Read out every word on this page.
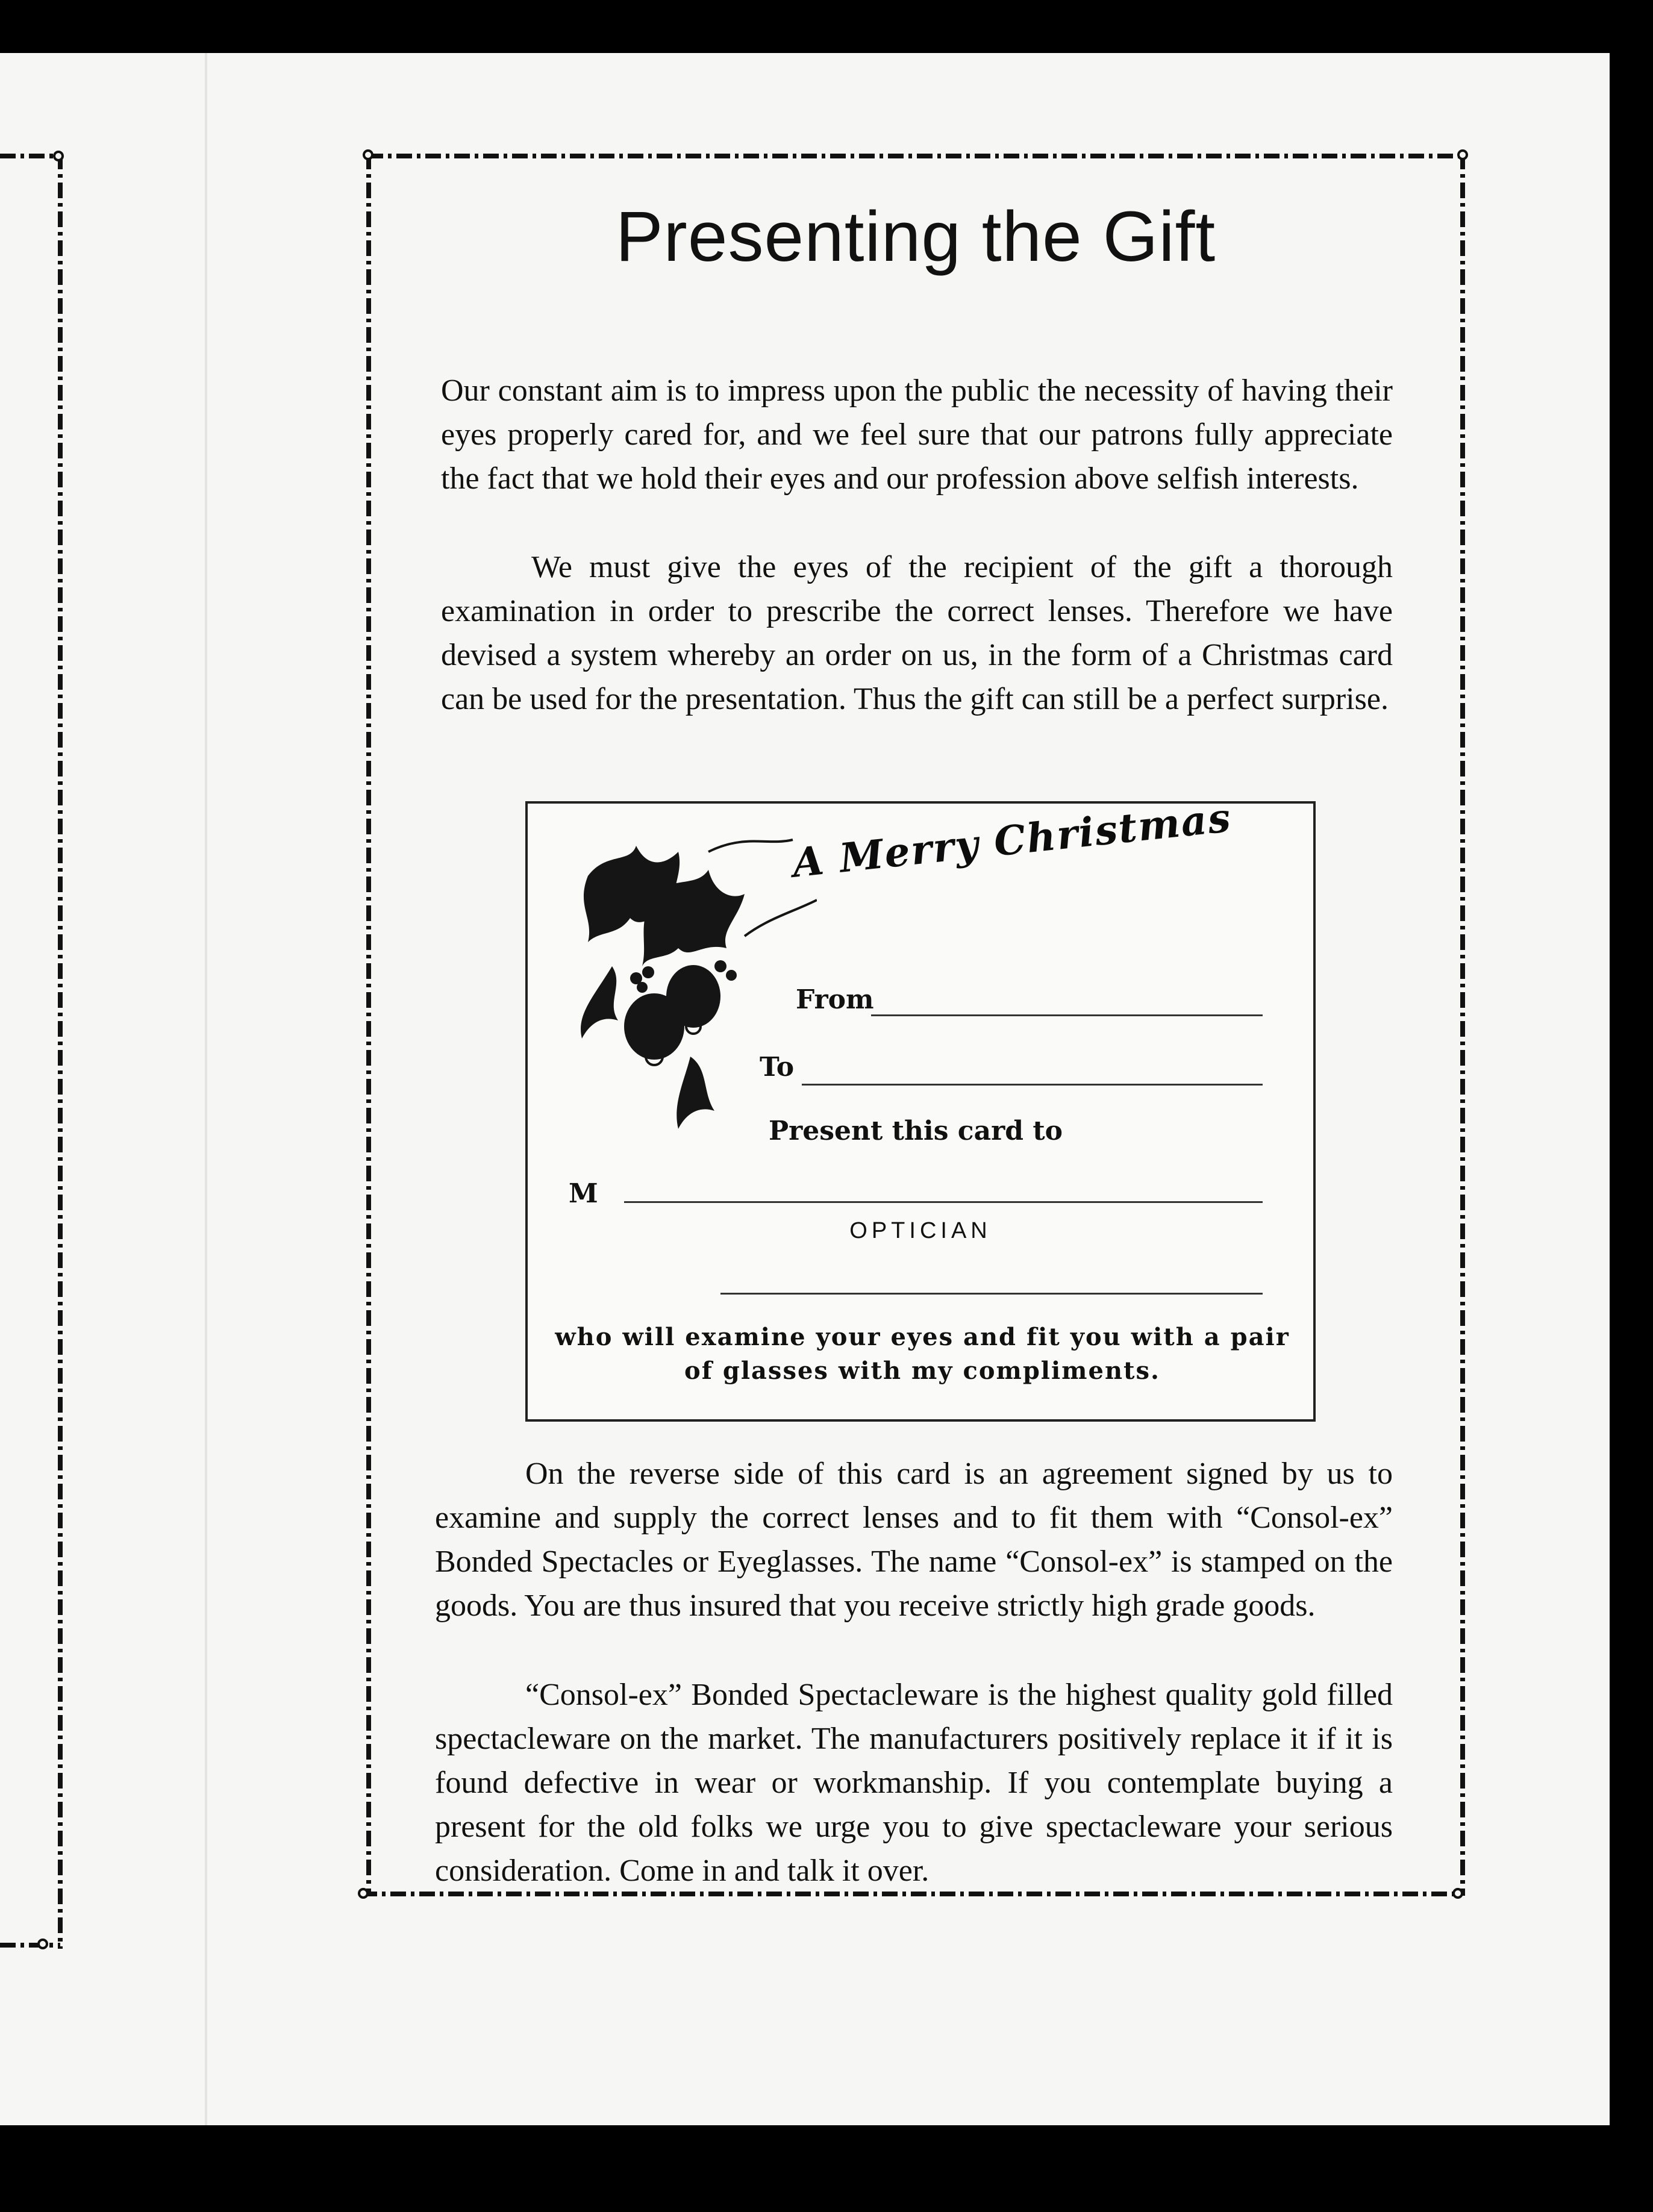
Presenting the Gift

Our constant aim is to impress upon the public the necessity of having their eyes properly cared for, and we feel sure that our patrons fully appreciate the fact that we hold their eyes and our profession above selfish interests.

We must give the eyes of the recipient of the gift a thorough examination in order to prescribe the correct lenses. Therefore we have devised a system whereby an order on us, in the form of a Christmas card can be used for the presentation. Thus the gift can still be a perfect surprise.

A Merry Christmas
From
To
Present this card to
M
OPTICIAN
who will examine your eyes and fit you with a pair of glasses with my compliments.

On the reverse side of this card is an agreement signed by us to examine and supply the correct lenses and to fit them with “Consol-ex” Bonded Spectacles or Eyeglasses. The name “Consol-ex” is stamped on the goods. You are thus insured that you receive strictly high grade goods.

“Consol-ex” Bonded Spectacleware is the highest quality gold filled spectacleware on the market. The manufacturers positively replace it if it is found defective in wear or workmanship. If you contemplate buying a present for the old folks we urge you to give spectacleware your serious consideration. Come in and talk it over.
